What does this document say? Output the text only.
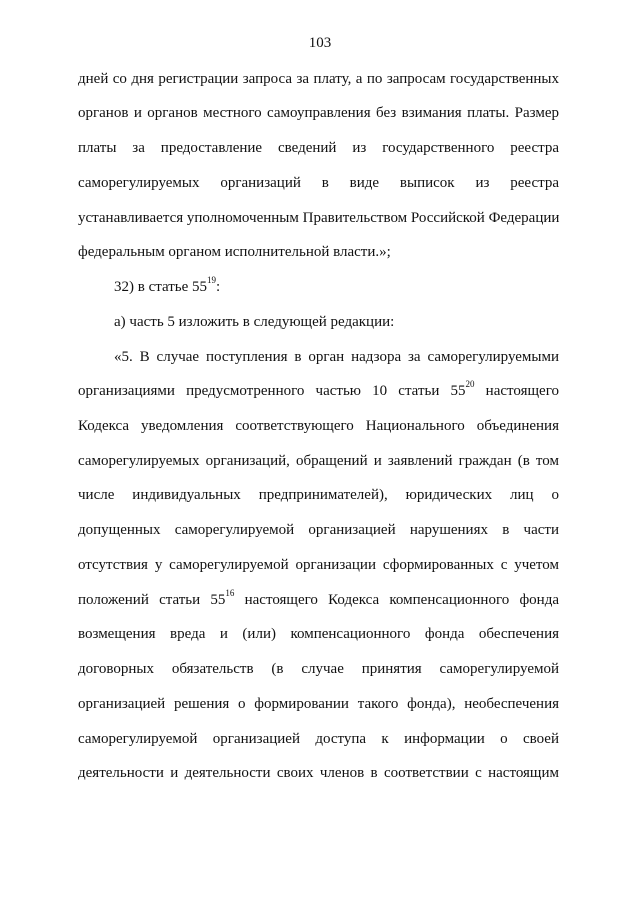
103
дней со дня регистрации запроса за плату, а по запросам государственных
органов и органов местного самоуправления без взимания платы. Размер
платы за предоставление сведений из государственного реестра
саморегулируемых организаций в виде выписок из реестра
устанавливается уполномоченным Правительством Российской Федерации
федеральным органом исполнительной власти.»;
32) в статье $55^{19}$:
а) часть 5 изложить в следующей редакции:
«5. В случае поступления в орган надзора за саморегулируемыми
организациями предусмотренного частью 10 статьи $55^{20}$ настоящего
Кодекса уведомления соответствующего Национального объединения
саморегулируемых организаций, обращений и заявлений граждан (в том
числе индивидуальных предпринимателей), юридических лиц о
допущенных саморегулируемой организацией нарушениях в части
отсутствия у саморегулируемой организации сформированных с учетом
положений статьи $55^{16}$ настоящего Кодекса компенсационного фонда
возмещения вреда и (или) компенсационного фонда обеспечения
договорных обязательств (в случае принятия саморегулируемой
организацией решения о формировании такого фонда), необеспечения
саморегулируемой организацией доступа к информации о своей
деятельности и деятельности своих членов в соответствии с настоящим
